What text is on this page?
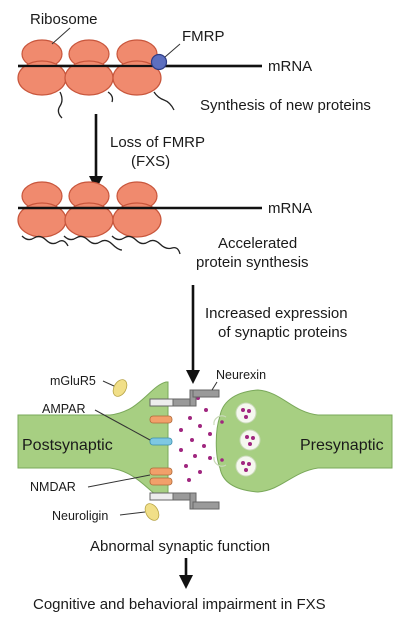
FMRP
Ribosome
mRNA
Synthesis of new proteins
Loss of FMRP
(FXS)
mRNA
Accelerated
protein synthesis
Increased expression
of synaptic proteins
mGluR5
AMPAR
NMDAR
Neuroligin
Neurexin
Postsynaptic	Presynaptic
Abnormal synaptic function
Cognitive and behavioral impairment in FXS
